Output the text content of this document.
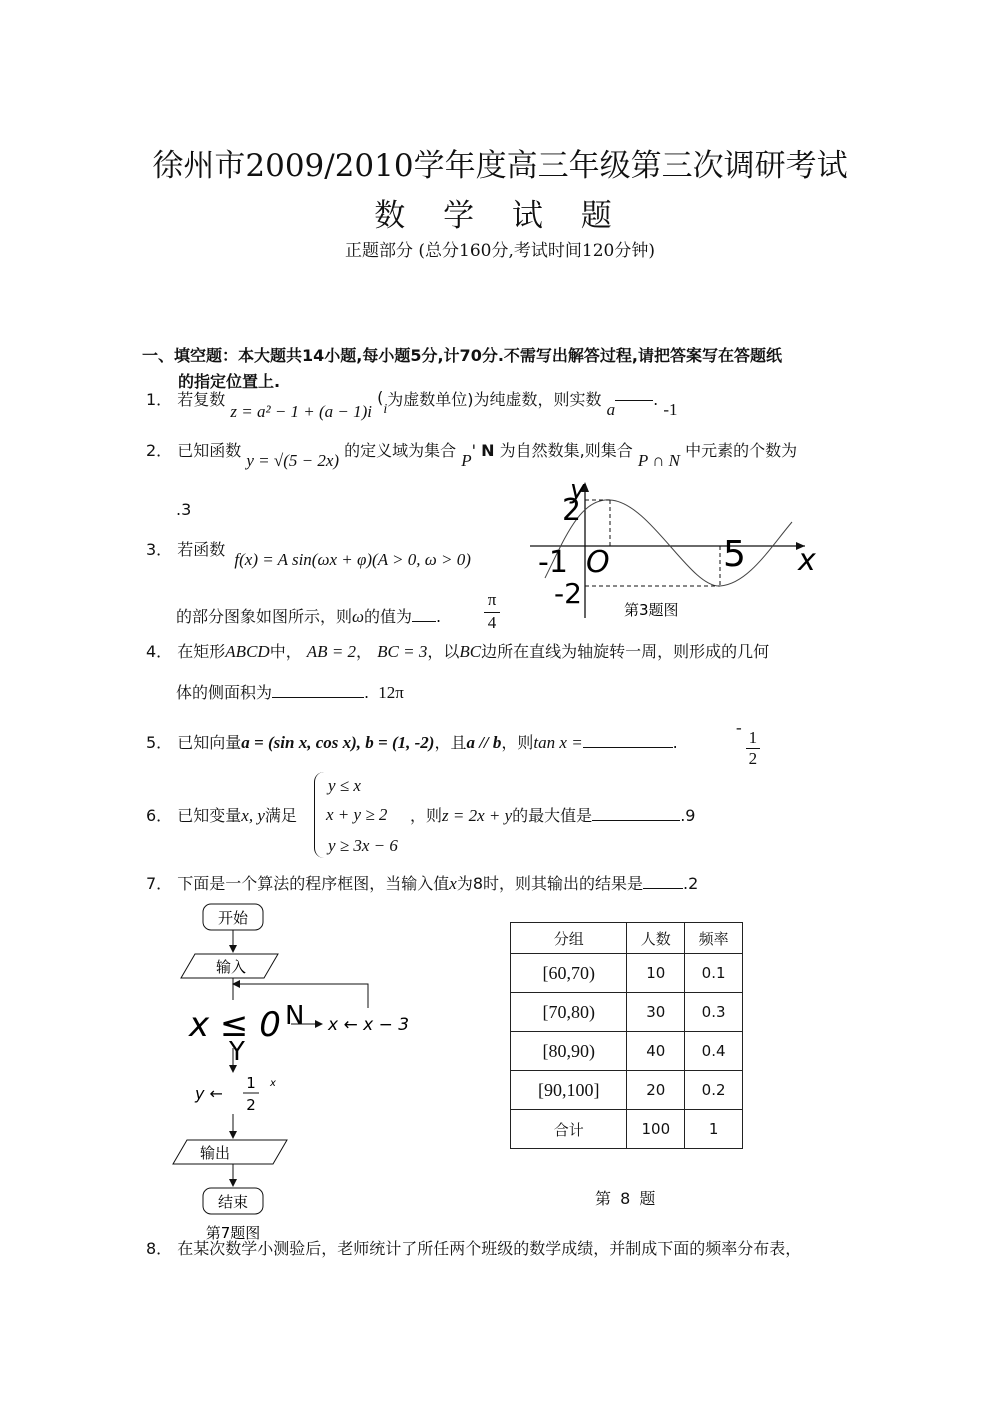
徐州市2009/2010学年度高三年级第三次调研考试
数 学 试 题
正题部分 (总分160分,考试时间120分钟)
一、填空题：本大题共14小题,每小题5分,计70分.不需写出解答过程,请把答案写在答题纸
的指定位置上.
1． 若复数 z = a² − 1 + (a − 1)i (i为虚数单位)为纯虚数，则实数 a. -1
2． 已知函数 y = √(5 − 2x) 的定义域为集合 P' N 为自然数集,则集合 P ∩ N 中元素的个数为
.3
3． 若函数 f(x) = A sin(ωx + φ)(A > 0, ω > 0)
的部分图象如图所示，则ω的值为 .
π
4
y
2
-1 O	5 x
-2	第3题图
4． 在矩形ABCD中， AB = 2， BC = 3，以BC边所在直线为轴旋转一周，则形成的几何
体的侧面积为	. 12π
5． 已知向量a = (sin x, cos x), b = (1, -2)，且a // b，则tan x =	.
-
$\frac{1}{2}$
6． 已知变量x, y满足
y ≤ x
x + y ≥ 2
y ≥ 3x − 6
，则z = 2x + y的最大值是	.9
7． 下面是一个算法的程序框图，当输入值x为8时，则其输出的结果是	.2
开始
输入
x ≤ 0 N x ← x − 3
Y
y ←
1
2
x
输出
结束
第7题图
分组	人数	频率
[60,70)	10	0.1
[70,80)	30	0.3
[80,90)	40	0.4
[90,100]	20	0.2
合计	100	1
第 8 题
8． 在某次数学小测验后，老师统计了所任两个班级的数学成绩，并制成下面的频率分布表，
